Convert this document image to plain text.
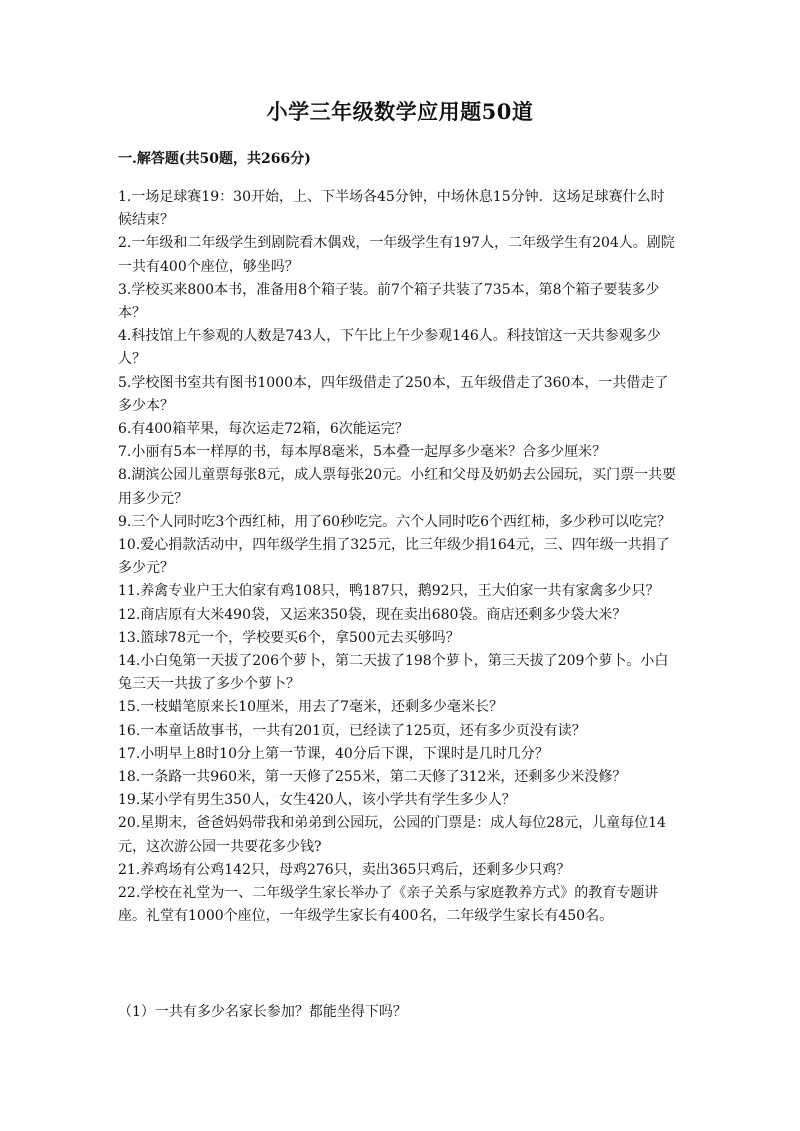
小学三年级数学应用题50道
一.解答题(共50题，共266分)
1.一场足球赛19：30开始，上、下半场各45分钟，中场休息15分钟．这场足球赛什么时候结束？
2.一年级和二年级学生到剧院看木偶戏，一年级学生有197人，二年级学生有204人。剧院一共有400个座位，够坐吗？
3.学校买来800本书，准备用8个箱子装。前7个箱子共装了735本，第8个箱子要装多少本？
4.科技馆上午参观的人数是743人，下午比上午少参观146人。科技馆这一天共参观多少人？
5.学校图书室共有图书1000本，四年级借走了250本，五年级借走了360本，一共借走了多少本？
6.有400箱苹果，每次运走72箱，6次能运完？
7.小丽有5本一样厚的书，每本厚8毫米，5本叠一起厚多少毫米？合多少厘米？
8.湖滨公园儿童票每张8元，成人票每张20元。小红和父母及奶奶去公园玩，买门票一共要用多少元？
9.三个人同时吃3个西红柿，用了60秒吃完。六个人同时吃6个西红柿，多少秒可以吃完？
10.爱心捐款活动中，四年级学生捐了325元，比三年级少捐164元，三、四年级一共捐了多少元？
11.养禽专业户王大伯家有鸡108只，鸭187只，鹅92只，王大伯家一共有家禽多少只？
12.商店原有大米490袋，又运来350袋，现在卖出680袋。商店还剩多少袋大米？
13.篮球78元一个，学校要买6个，拿500元去买够吗？
14.小白兔第一天拔了206个萝卜，第二天拔了198个萝卜，第三天拔了209个萝卜。小白兔三天一共拔了多少个萝卜？
15.一枝蜡笔原来长10厘米，用去了7毫米，还剩多少毫米长？
16.一本童话故事书，一共有201页，已经读了125页，还有多少页没有读？
17.小明早上8时10分上第一节课，40分后下课，下课时是几时几分？
18.一条路一共960米，第一天修了255米，第二天修了312米，还剩多少米没修？
19.某小学有男生350人，女生420人，该小学共有学生多少人？
20.星期末，爸爸妈妈带我和弟弟到公园玩，公园的门票是：成人每位28元，儿童每位14元，这次游公园一共要花多少钱?
21.养鸡场有公鸡142只，母鸡276只，卖出365只鸡后，还剩多少只鸡？
22.学校在礼堂为一、二年级学生家长举办了《亲子关系与家庭教养方式》的教育专题讲座。礼堂有1000个座位，一年级学生家长有400名，二年级学生家长有450名。
（1）一共有多少名家长参加？都能坐得下吗？
